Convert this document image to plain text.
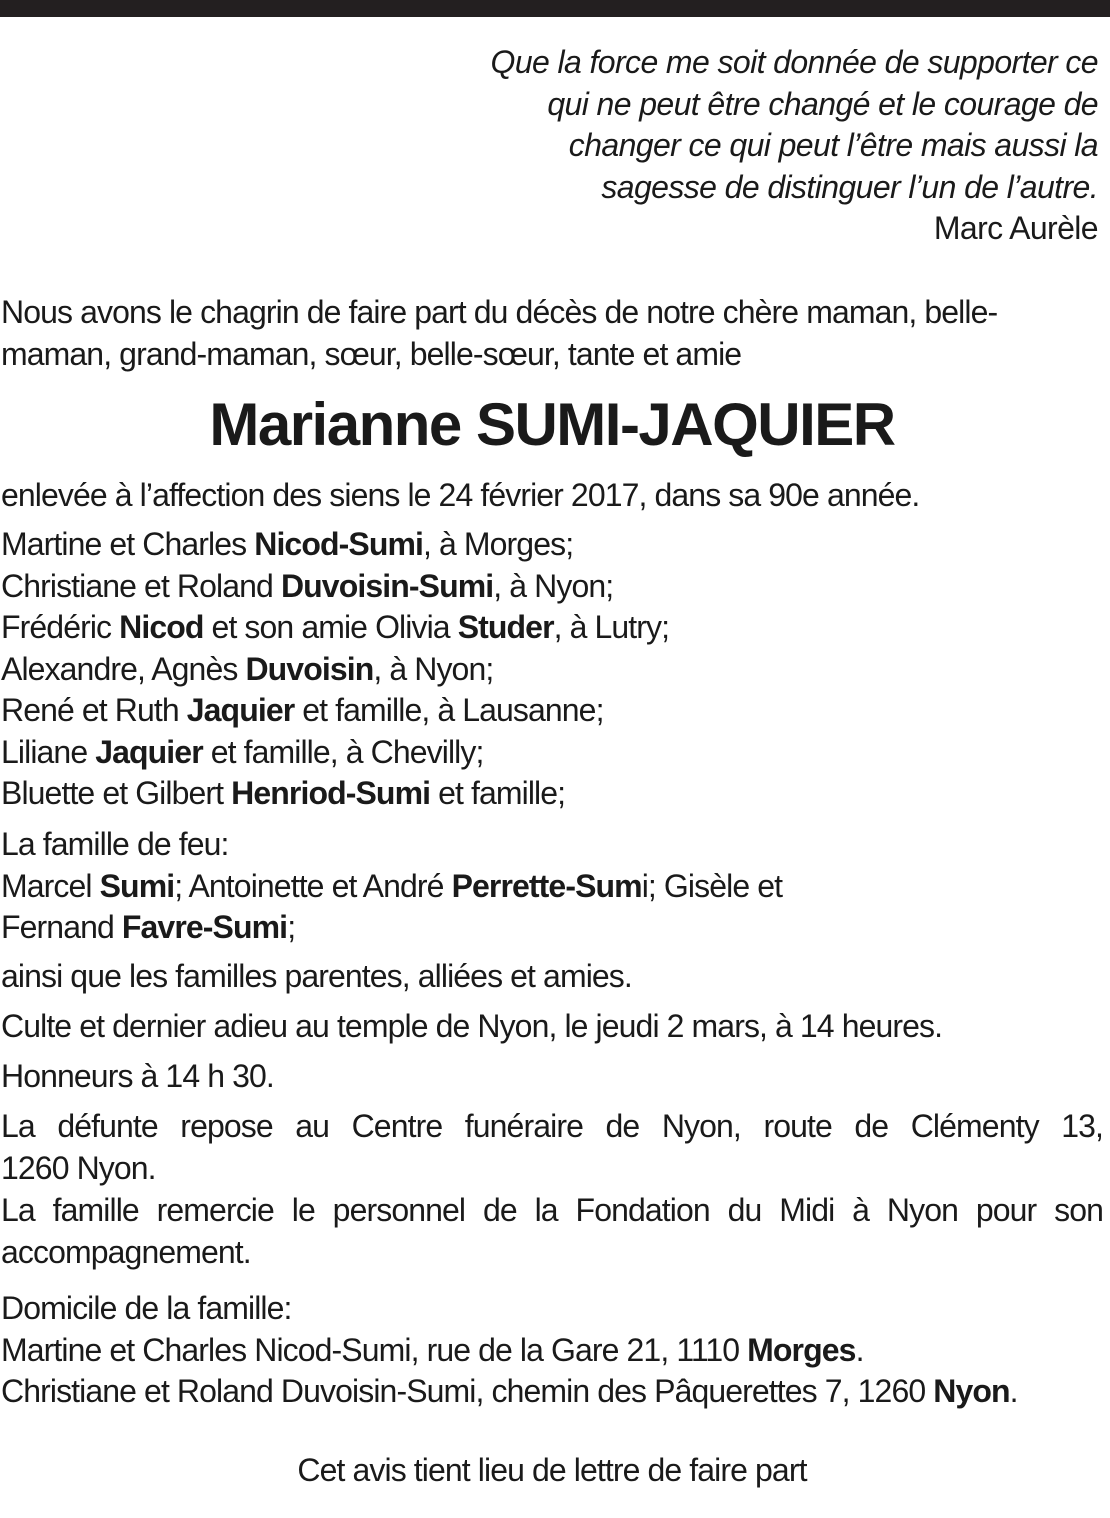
Que la force me soit donnée de supporter ce
qui ne peut être changé et le courage de
changer ce qui peut l’être mais aussi la
sagesse de distinguer l’un de l’autre.
Marc Aurèle
Nous avons le chagrin de faire part du décès de notre chère maman, belle-
maman, grand-maman, sœur, belle-sœur, tante et amie
Marianne SUMI-JAQUIER
enlevée à l’affection des siens le 24 février 2017, dans sa 90e année.
Martine et Charles Nicod-Sumi, à Morges;
Christiane et Roland Duvoisin-Sumi, à Nyon;
Frédéric Nicod et son amie Olivia Studer, à Lutry;
Alexandre, Agnès Duvoisin, à Nyon;
René et Ruth Jaquier et famille, à Lausanne;
Liliane Jaquier et famille, à Chevilly;
Bluette et Gilbert Henriod-Sumi et famille;
La famille de feu:
Marcel Sumi; Antoinette et André Perrette-Sumi; Gisèle et
Fernand Favre-Sumi;
ainsi que les familles parentes, alliées et amies.
Culte et dernier adieu au temple de Nyon, le jeudi 2 mars, à 14 heures.
Honneurs à 14 h 30.
La défunte repose au Centre funéraire de Nyon, route de Clémenty 13,
1260 Nyon.
La famille remercie le personnel de la Fondation du Midi à Nyon pour son
accompagnement.
Domicile de la famille:
Martine et Charles Nicod-Sumi, rue de la Gare 21, 1110 Morges.
Christiane et Roland Duvoisin-Sumi, chemin des Pâquerettes 7, 1260 Nyon.
Cet avis tient lieu de lettre de faire part
